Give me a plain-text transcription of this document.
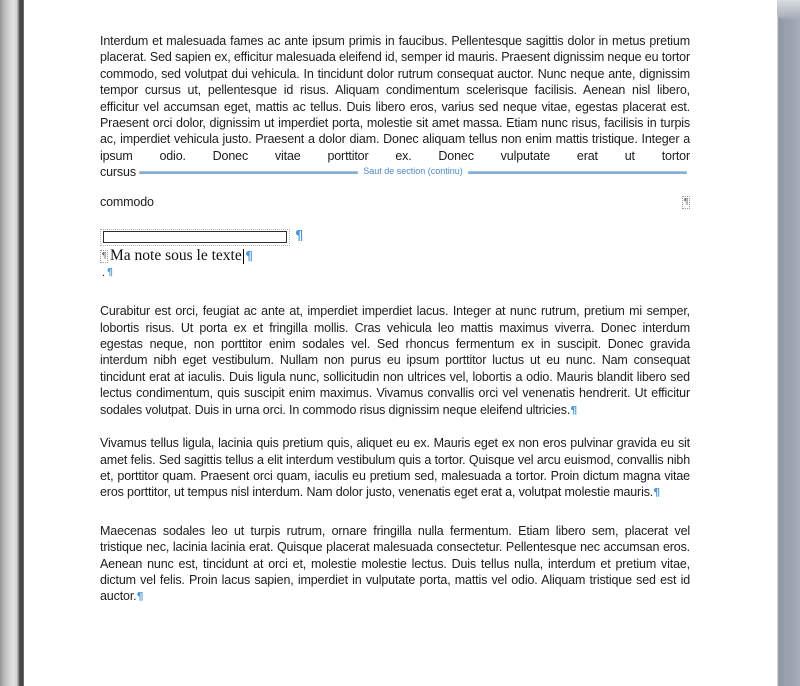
Interdum et malesuada fames ac ante ipsum primis in faucibus. Pellentesque sagittis dolor in metus pretium placerat. Sed sapien ex, efficitur malesuada eleifend id, semper id mauris. Praesent dignissim neque eu tortor commodo, sed volutpat dui vehicula. In tincidunt dolor rutrum consequat auctor. Nunc neque ante, dignissim tempor cursus ut, pellentesque id risus. Aliquam condimentum scelerisque facilisis. Aenean nisl libero, efficitur vel accumsan eget, mattis ac tellus. Duis libero eros, varius sed neque vitae, egestas placerat est. Praesent orci dolor, dignissim ut imperdiet porta, molestie sit amet massa. Etiam nunc risus, facilisis in turpis ac, imperdiet vehicula justo. Praesent a dolor diam. Donec aliquam tellus non enim mattis tristique. Integer a ipsum odio. Donec vitae porttitor ex. Donec vulputate erat ut tortor
cursus	Saut de section (continu)
commodo	¶
¶
¶ Ma note sous le texte ¶
. ¶
Curabitur est orci, feugiat ac ante at, imperdiet imperdiet lacus. Integer at nunc rutrum, pretium mi semper, lobortis risus. Ut porta ex et fringilla mollis. Cras vehicula leo mattis maximus viverra. Donec interdum egestas neque, non porttitor enim sodales vel. Sed rhoncus fermentum ex in suscipit. Donec gravida interdum nibh eget vestibulum. Nullam non purus eu ipsum porttitor luctus ut eu nunc. Nam consequat tincidunt erat at iaculis. Duis ligula nunc, sollicitudin non ultrices vel, lobortis a odio. Mauris blandit libero sed lectus condimentum, quis suscipit enim maximus. Vivamus convallis orci vel venenatis hendrerit. Ut efficitur sodales volutpat. Duis in urna orci. In commodo risus dignissim neque eleifend ultricies.¶
Vivamus tellus ligula, lacinia quis pretium quis, aliquet eu ex. Mauris eget ex non eros pulvinar gravida eu sit amet felis. Sed sagittis tellus a elit interdum vestibulum quis a tortor. Quisque vel arcu euismod, convallis nibh et, porttitor quam. Praesent orci quam, iaculis eu pretium sed, malesuada a tortor. Proin dictum magna vitae eros porttitor, ut tempus nisl interdum. Nam dolor justo, venenatis eget erat a, volutpat molestie mauris.¶
Maecenas sodales leo ut turpis rutrum, ornare fringilla nulla fermentum. Etiam libero sem, placerat vel tristique nec, lacinia lacinia erat. Quisque placerat malesuada consectetur. Pellentesque nec accumsan eros. Aenean nunc est, tincidunt at orci et, molestie molestie lectus. Duis tellus nulla, interdum et pretium vitae, dictum vel felis. Proin lacus sapien, imperdiet in vulputate porta, mattis vel odio. Aliquam tristique sed est id auctor.¶
